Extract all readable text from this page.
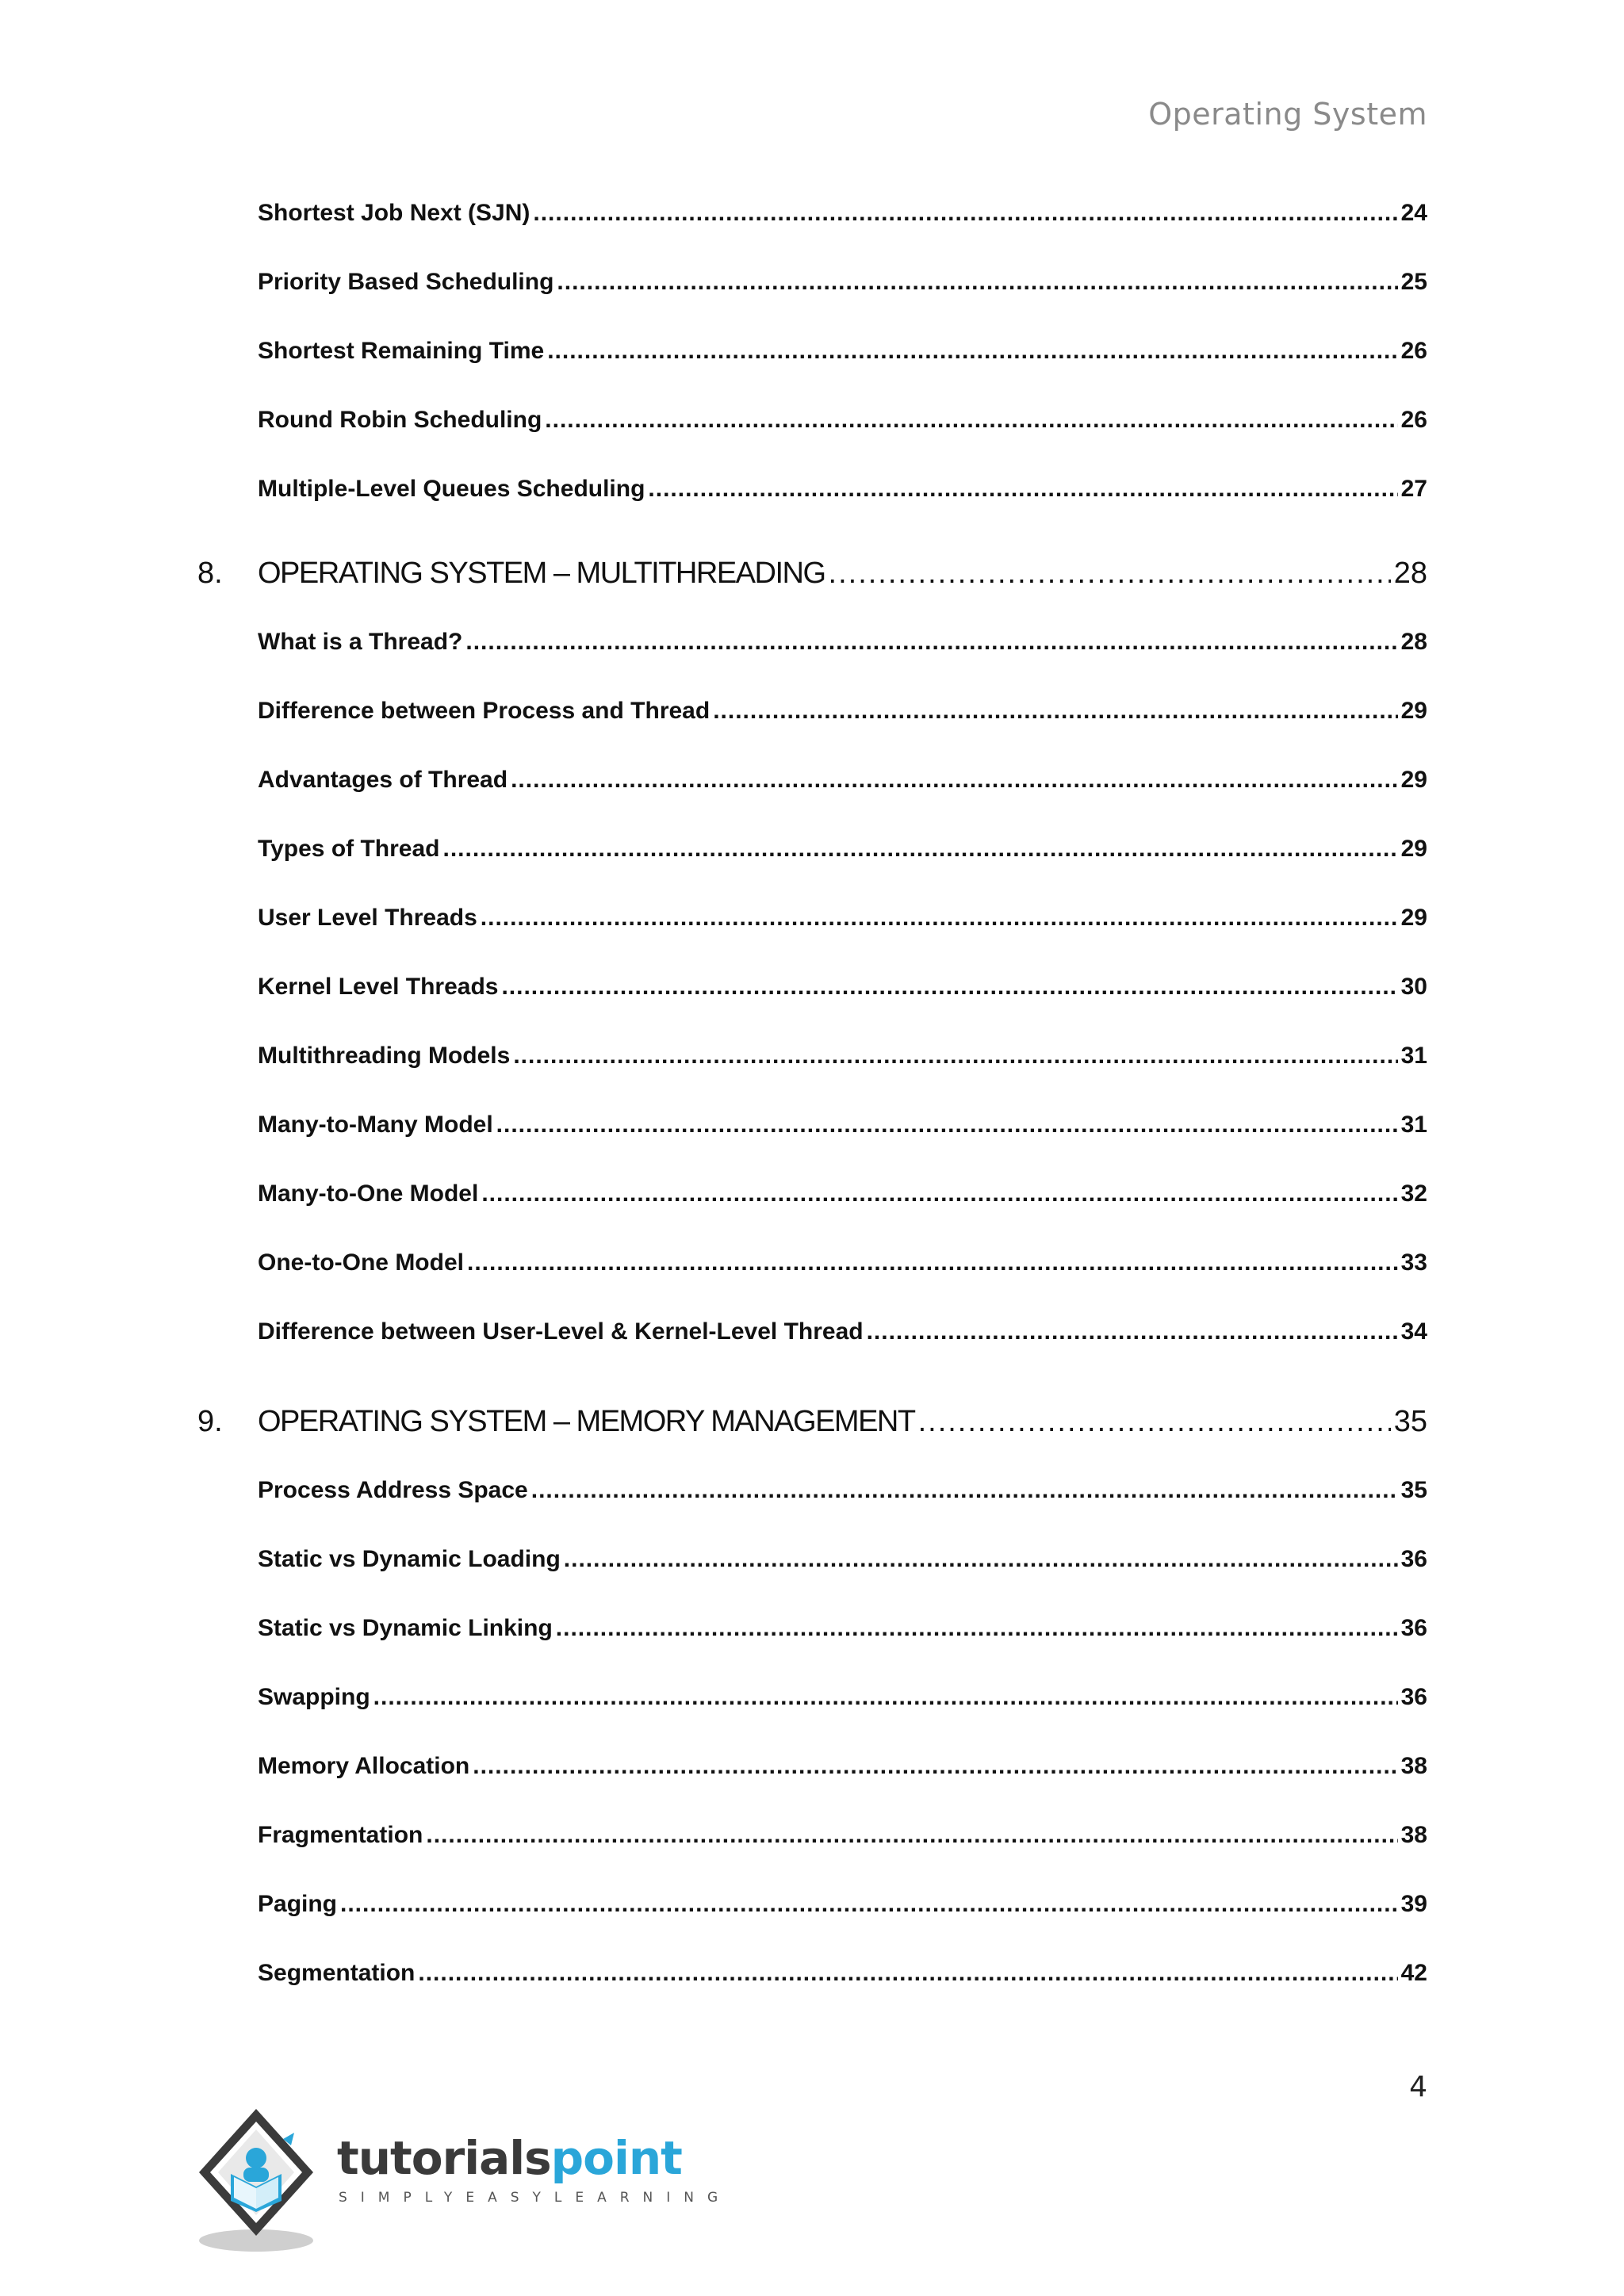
Operating System
Shortest Job Next (SJN) .....	24
Priority Based Scheduling .....	25
Shortest Remaining Time .....	26
Round Robin Scheduling .....	26
Multiple-Level Queues Scheduling .....	27
8. OPERATING SYSTEM – MULTITHREADING .....	28
What is a Thread? .....	28
Difference between Process and Thread .....	29
Advantages of Thread .....	29
Types of Thread .....	29
User Level Threads .....	29
Kernel Level Threads .....	30
Multithreading Models .....	31
Many-to-Many Model .....	31
Many-to-One Model .....	32
One-to-One Model .....	33
Difference between User-Level & Kernel-Level Thread .....	34
9. OPERATING SYSTEM – MEMORY MANAGEMENT .....	35
Process Address Space .....	35
Static vs Dynamic Loading .....	36
Static vs Dynamic Linking .....	36
Swapping .....	36
Memory Allocation .....	38
Fragmentation .....	38
Paging .....	39
Segmentation .....	42
4
tutorialspoint
SIMPLYEASYLEARNING
